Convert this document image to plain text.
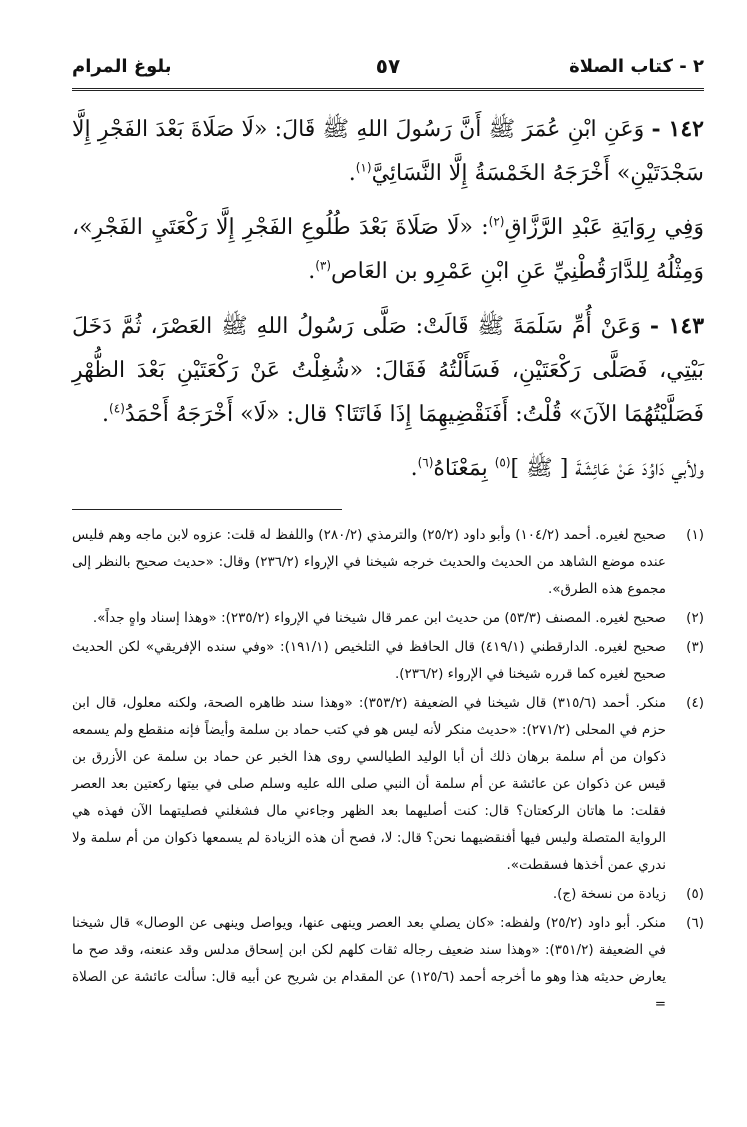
٢ - كتاب الصلاة
٥٧
بلوغ المرام

١٤٢ - وَعَنِ ابْنِ عُمَرَ ﷺ أَنَّ رَسُولَ اللهِ ﷺ قَالَ: «لَا صَلَاةَ بَعْدَ الفَجْرِ إِلَّا سَجْدَتَيْنِ» أَخْرَجَهُ الخَمْسَةُ إِلَّا النَّسَائِيَّ$^{(١)}$.

وَفِي رِوَايَةِ عَبْدِ الرَّزَّاقِ$^{(٢)}$: «لَا صَلَاةَ بَعْدَ طُلُوعِ الفَجْرِ إِلَّا رَكْعَتَيِ الفَجْرِ»، وَمِثْلُهُ لِلدَّارَقُطْنِيِّ عَنِ ابْنِ عَمْرِو بن العَاص$^{(٣)}$.

١٤٣ - وَعَنْ أُمِّ سَلَمَةَ ﷺ قَالَتْ: صَلَّى رَسُولُ اللهِ ﷺ العَصْرَ، ثُمَّ دَخَلَ بَيْتِي، فَصَلَّى رَكْعَتَيْنِ، فَسَأَلْتُهُ فَقَالَ: «شُغِلْتُ عَنْ رَكْعَتَيْنِ بَعْدَ الظُّهْرِ فَصَلَّيْتُهُمَا الآنَ» قُلْتُ: أَفَنَقْضِيهِمَا إِذَا فَاتَتَا؟ قال: «لَا» أَخْرَجَهُ أَحْمَدُ$^{(٤)}$.

ولأبي دَاوُدَ عَنْ عَائِشَةَ [ ﷺ ]$^{(٥)}$ بِمَعْنَاهُ$^{(٦)}$.

(١)
صحيح لغيره. أحمد (١٠٤/٢) وأبو داود (٢٥/٢) والترمذي (٢٨٠/٢) واللفظ له قلت: عزوه لابن ماجه وهم فليس عنده موضع الشاهد من الحديث والحديث خرجه شيخنا في الإرواء (٢٣٦/٢) وقال: «حديث صحيح بالنظر إلى مجموع هذه الطرق».
(٢)
صحيح لغيره. المصنف (٥٣/٣) من حديث ابن عمر قال شيخنا في الإرواء (٢٣٥/٢): «وهذا إسناد واهٍ جداً».
(٣)
صحيح لغيره. الدارقطني (٤١٩/١) قال الحافظ في التلخيص (١٩١/١): «وفي سنده الإفريقي» لكن الحديث صحيح لغيره كما قرره شيخنا في الإرواء (٢٣٦/٢).
(٤)
منكر. أحمد (٣١٥/٦) قال شيخنا في الضعيفة (٣٥٣/٢): «وهذا سند ظاهره الصحة، ولكنه معلول، قال ابن حزم في المحلى (٢٧١/٢): «حديث منكر لأنه ليس هو في كتب حماد بن سلمة وأيضاً فإنه منقطع ولم يسمعه ذكوان من أم سلمة برهان ذلك أن أبا الوليد الطيالسي روى هذا الخبر عن حماد بن سلمة عن الأزرق بن قيس عن ذكوان عن عائشة عن أم سلمة أن النبي صلى الله عليه وسلم صلى في بيتها ركعتين بعد العصر فقلت: ما هاتان الركعتان؟ قال: كنت أصليهما بعد الظهر وجاءني مال فشغلني فصليتهما الآن فهذه هي الرواية المتصلة وليس فيها أفنقضيهما نحن؟ قال: لا، فصح أن هذه الزيادة لم يسمعها ذكوان من أم سلمة ولا ندري عمن أخذها فسقطت».
(٥)
زيادة من نسخة (ج).
(٦)
منكر. أبو داود (٢٥/٢) ولفظه: «كان يصلي بعد العصر وينهى عنها، ويواصل وينهى عن الوصال» قال شيخنا في الضعيفة (٣٥١/٢): «وهذا سند ضعيف رجاله ثقات كلهم لكن ابن إسحاق مدلس وقد عنعنه، وقد صح ما يعارض حديثه هذا وهو ما أخرجه أحمد (١٢٥/٦) عن المقدام بن شريح عن أبيه قال: سألت عائشة عن الصلاة =
